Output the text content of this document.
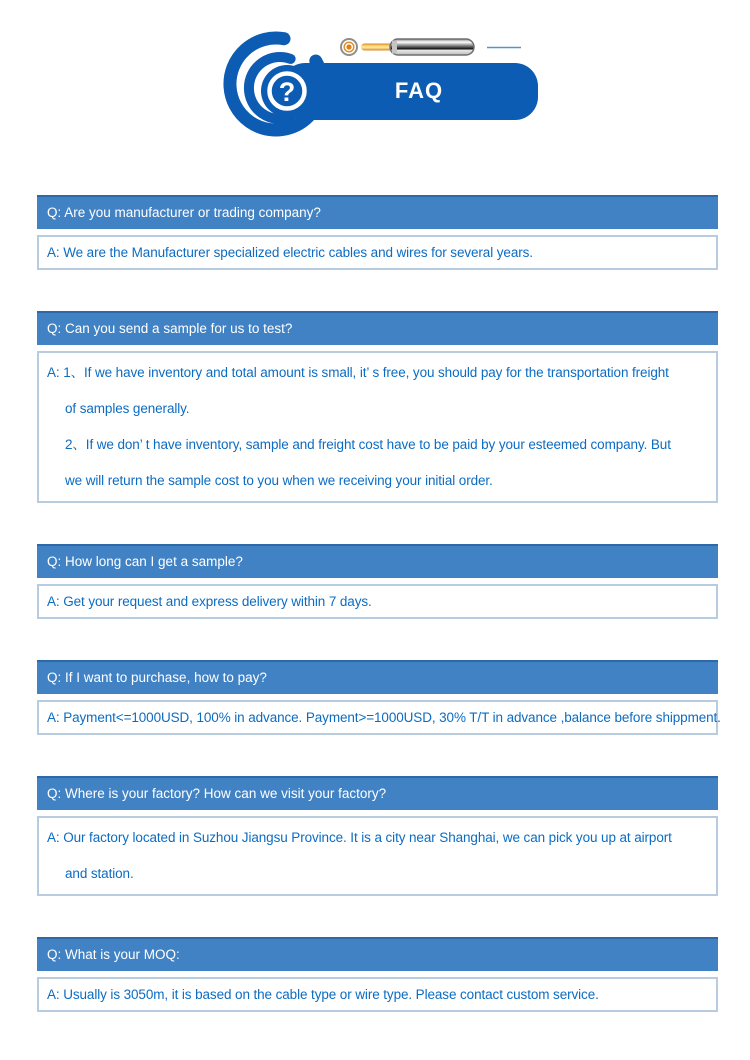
?	FAQ
Q: Are you manufacturer or trading company?
A: We are the Manufacturer specialized electric cables and wires for several years.
Q: Can you send a sample for us to test?
A: 1、If we have inventory and total amount is small, it’ s free, you should pay for the transportation freight
of samples generally.
2、If we don’ t have inventory, sample and freight cost have to be paid by your esteemed company. But
we will return the sample cost to you when we receiving your initial order.
Q: How long can I get a sample?
A: Get your request and express delivery within 7 days.
Q: If I want to purchase, how to pay?
A: Payment<=1000USD, 100% in advance. Payment>=1000USD, 30% T/T in advance ,balance before shippment.
Q: Where is your factory? How can we visit your factory?
A: Our factory located in Suzhou Jiangsu Province. It is a city near Shanghai, we can pick you up at airport
and station.
Q: What is your MOQ:
A: Usually is 3050m, it is based on the cable type or wire type. Please contact custom service.
